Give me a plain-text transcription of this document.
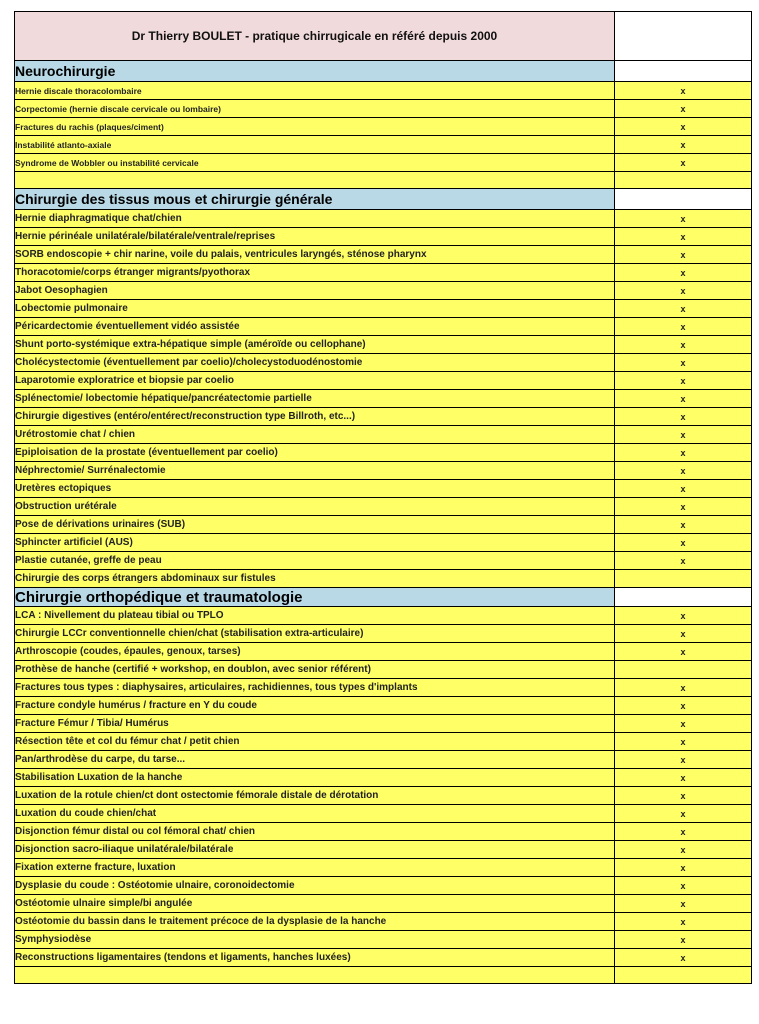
Dr Thierry BOULET - pratique chirrugicale en référé depuis 2000	
Neurochirurgie	
Hernie discale thoracolombaire	x
Corpectomie (hernie discale cervicale ou lombaire)	x
Fractures du rachis (plaques/ciment)	x
Instabilité atlanto-axiale	x
Syndrome de Wobbler ou instabilité cervicale	x

Chirurgie des tissus mous et chirurgie générale	
Hernie diaphragmatique chat/chien	x
Hernie périnéale unilatérale/bilatérale/ventrale/reprises	x
SORB endoscopie + chir narine, voile du palais, ventricules laryngés, sténose pharynx	x
Thoracotomie/corps étranger migrants/pyothorax	x
Jabot Oesophagien	x
Lobectomie pulmonaire	x
Péricardectomie éventuellement vidéo assistée	x
Shunt porto-systémique extra-hépatique simple (améroïde ou cellophane)	x
Cholécystectomie (éventuellement par coelio)/cholecystoduodénostomie	x
Laparotomie exploratrice et biopsie par coelio	x
Splénectomie/ lobectomie hépatique/pancréatectomie partielle	x
Chirurgie digestives (entéro/entérect/reconstruction type Billroth, etc...)	x
Urétrostomie chat / chien	x
Epiploisation de la prostate (éventuellement par coelio)	x
Néphrectomie/ Surrénalectomie	x
Uretères ectopiques	x
Obstruction urétérale	x
Pose de dérivations urinaires (SUB)	x
Sphincter artificiel (AUS)	x
Plastie cutanée, greffe de peau	x
Chirurgie des corps étrangers abdominaux sur fistules	
Chirurgie orthopédique et traumatologie	
LCA : Nivellement du plateau tibial ou TPLO	x
Chirurgie LCCr conventionnelle chien/chat (stabilisation extra-articulaire)	x
Arthroscopie (coudes, épaules, genoux, tarses)	x
Prothèse de hanche (certifié + workshop, en doublon, avec senior référent)	
Fractures tous types : diaphysaires, articulaires, rachidiennes, tous types d'implants	x
Fracture condyle humérus / fracture en Y du coude	x
Fracture Fémur / Tibia/ Humérus	x
Résection tête et col du fémur chat / petit chien	x
Pan/arthrodèse du carpe, du tarse...	x
Stabilisation Luxation de la hanche	x
Luxation de la rotule chien/ct dont ostectomie fémorale distale de dérotation	x
Luxation du coude chien/chat	x
Disjonction fémur distal ou col fémoral chat/ chien	x
Disjonction sacro-iliaque unilatérale/bilatérale	x
Fixation externe fracture, luxation	x
Dysplasie du coude : Ostéotomie ulnaire, coronoidectomie	x
Ostéotomie ulnaire simple/bi angulée	x
Ostéotomie du bassin dans le traitement précoce de la dysplasie de la hanche	x
Symphysiodèse	x
Reconstructions ligamentaires (tendons et ligaments, hanches luxées)	x
